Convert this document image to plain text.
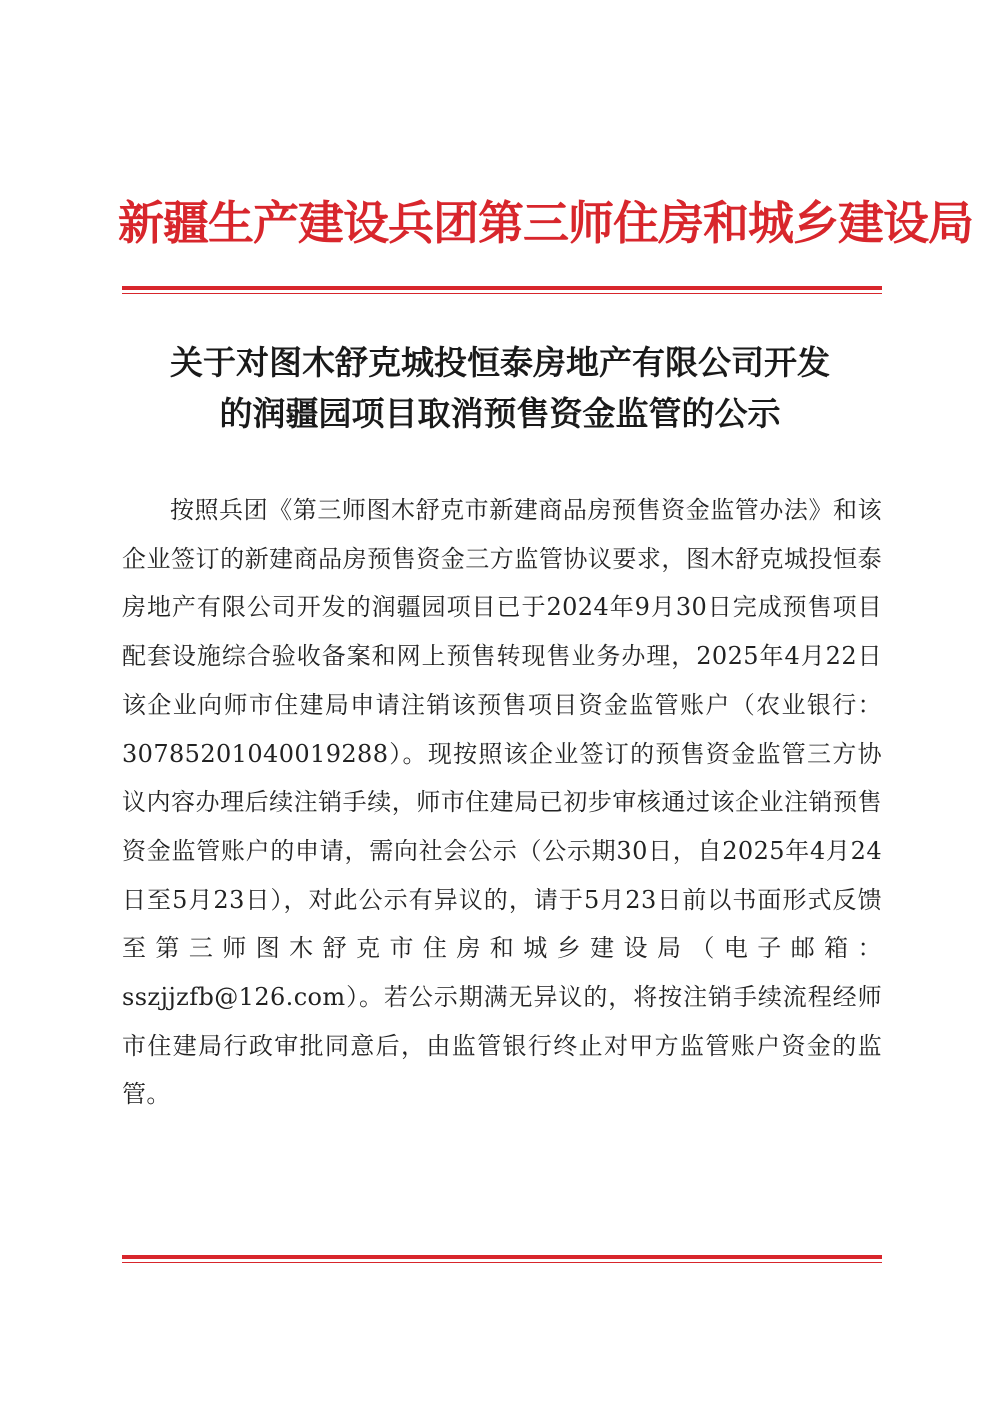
新疆生产建设兵团第三师住房和城乡建设局
关于对图木舒克城投恒泰房地产有限公司开发
的润疆园项目取消预售资金监管的公示
按照兵团《第三师图木舒克市新建商品房预售资金监管办法》和该企业签订的新建商品房预售资金三方监管协议要求，图木舒克城投恒泰房地产有限公司开发的润疆园项目已于2024年9月30日完成预售项目配套设施综合验收备案和网上预售转现售业务办理，2025年4月22日该企业向师市住建局申请注销该预售项目资金监管账户（农业银行：30785201040019288）。现按照该企业签订的预售资金监管三方协议内容办理后续注销手续，师市住建局已初步审核通过该企业注销预售资金监管账户的申请，需向社会公示（公示期30日，自2025年4月24日至5月23日），对此公示有异议的，请于5月23日前以书面形式反馈至第三师图木舒克市住房和城乡建设局（电子邮箱：sszjjzfb@126.com）。若公示期满无异议的，将按注销手续流程经师市住建局行政审批同意后，由监管银行终止对甲方监管账户资金的监管。
